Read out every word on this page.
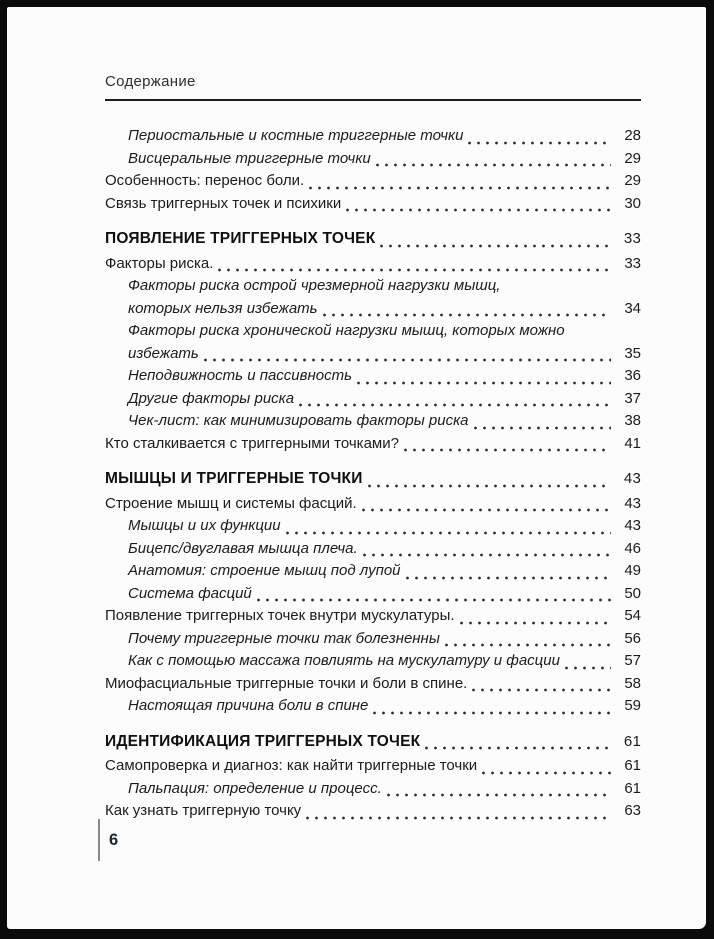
Содержание
Периостальные и костные триггерные точки	28
Висцеральные триггерные точки	29
Особенность: перенос боли.	29
Связь триггерных точек и психики	30
ПОЯВЛЕНИЕ ТРИГГЕРНЫХ ТОЧЕК	33
Факторы риска.	33
Факторы риска острой чрезмерной нагрузки мышц,
которых нельзя избежать	34
Факторы риска хронической нагрузки мышц, которых можно
избежать	35
Неподвижность и пассивность	36
Другие факторы риска	37
Чек-лист: как минимизировать факторы риска	38
Кто сталкивается с триггерными точками?	41
МЫШЦЫ И ТРИГГЕРНЫЕ ТОЧКИ	43
Строение мышц и системы фасций.	43
Мышцы и их функции	43
Бицепс/двуглавая мышца плеча.	46
Анатомия: строение мышц под лупой	49
Система фасций	50
Появление триггерных точек внутри мускулатуры.	54
Почему триггерные точки так болезненны	56
Как с помощью массажа повлиять на мускулатуру и фасции	57
Миофасциальные триггерные точки и боли в спине.	58
Настоящая причина боли в спине	59
ИДЕНТИФИКАЦИЯ ТРИГГЕРНЫХ ТОЧЕК	61
Самопроверка и диагноз: как найти триггерные точки	61
Пальпация: определение и процесс.	61
Как узнать триггерную точку	63
6
